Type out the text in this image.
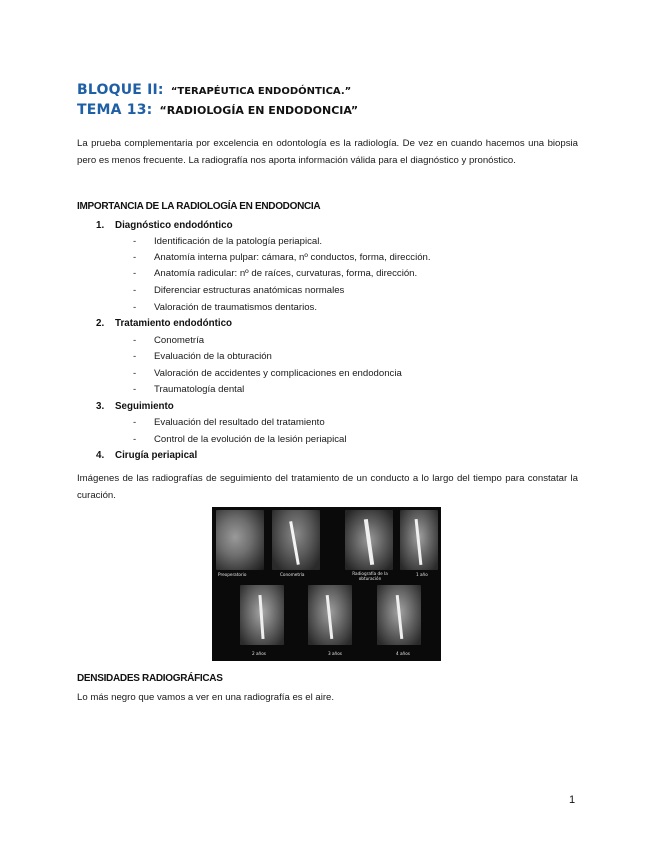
BLOQUE II: “TERAPÉUTICA ENDODÓNTICA.”
TEMA 13: “RADIOLOGÍA EN ENDODONCIA”

La prueba complementaria por excelencia en odontología es la radiología. De vez en cuando hacemos una biopsia pero es menos frecuente. La radiografía nos aporta información válida para el diagnóstico y pronóstico.

IMPORTANCIA DE LA RADIOLOGÍA EN ENDODONCIA
1. Diagnóstico endodóntico
- Identificación de la patología periapical.
- Anatomía interna pulpar: cámara, nº conductos, forma, dirección.
- Anatomía radicular: nº de raíces, curvaturas, forma, dirección.
- Diferenciar estructuras anatómicas normales
- Valoración de traumatismos dentarios.
2. Tratamiento endodóntico
- Conometría
- Evaluación de la obturación
- Valoración de accidentes y complicaciones en endodoncia
- Traumatología dental
3. Seguimiento
- Evaluación del resultado del tratamiento
- Control de la evolución de la lesión periapical
4. Cirugía periapical

Imágenes de las radiografías de seguimiento del tratamiento de un conducto a lo largo del tiempo para constatar la curación.

Preoperatorio	Conometría	Radiografía de la obturación
1 año
2 años	3 años	4 años
DENSIDADES RADIOGRÁFICAS

Lo más negro que vamos a ver en una radiografía es el aire.

1
